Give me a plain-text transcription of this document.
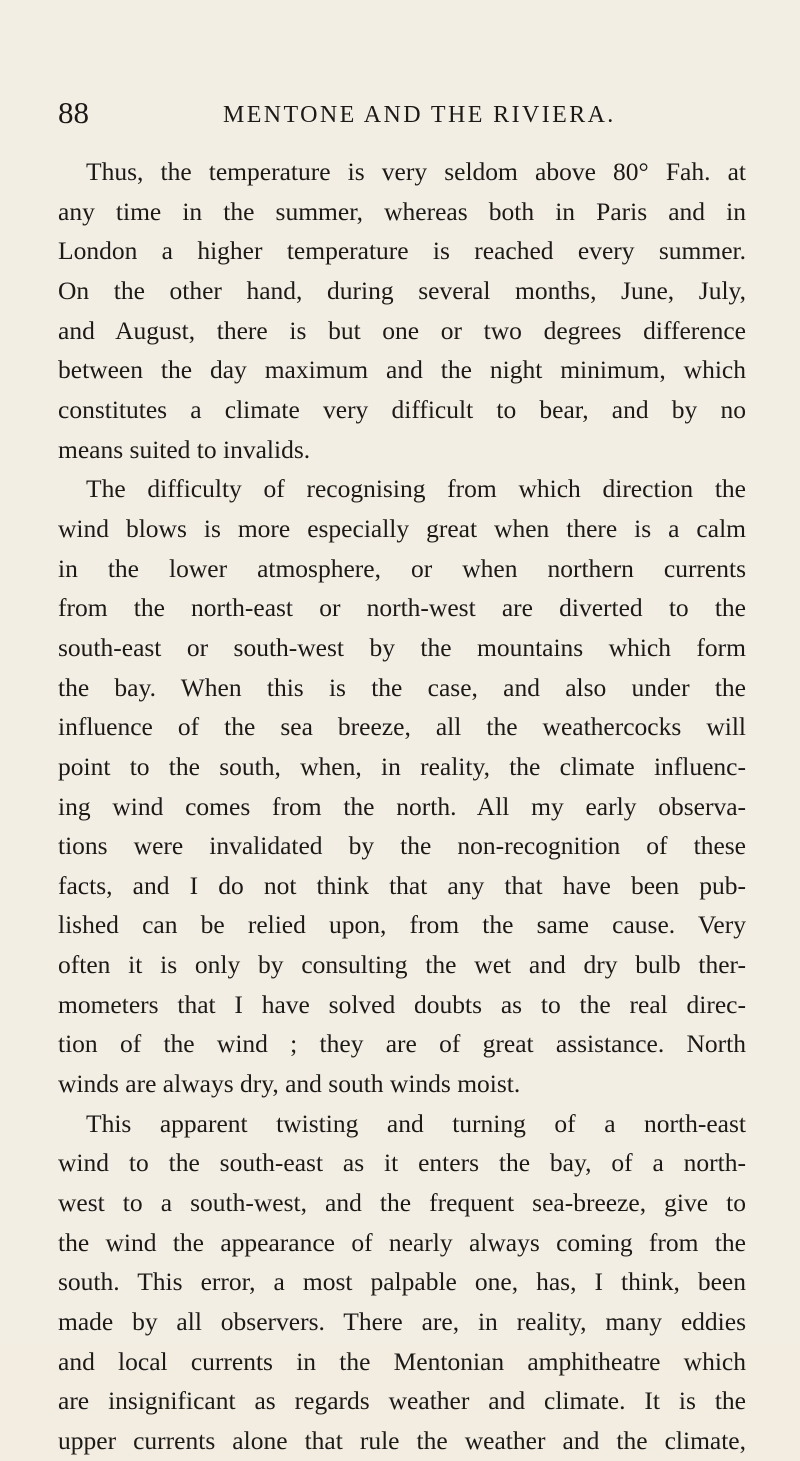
88	MENTONE AND THE RIVIERA.
Thus, the temperature is very seldom above 80° Fah. at
any time in the summer, whereas both in Paris and in
London a higher temperature is reached every summer.
On the other hand, during several months, June, July,
and August, there is but one or two degrees difference
between the day maximum and the night minimum, which
constitutes a climate very difficult to bear, and by no
means suited to invalids.
The difficulty of recognising from which direction the
wind blows is more especially great when there is a calm
in the lower atmosphere, or when northern currents
from the north-east or north-west are diverted to the
south-east or south-west by the mountains which form
the bay. When this is the case, and also under the
influence of the sea breeze, all the weathercocks will
point to the south, when, in reality, the climate influenc-
ing wind comes from the north. All my early observa-
tions were invalidated by the non-recognition of these
facts, and I do not think that any that have been pub-
lished can be relied upon, from the same cause. Very
often it is only by consulting the wet and dry bulb ther-
mometers that I have solved doubts as to the real direc-
tion of the wind ; they are of great assistance. North
winds are always dry, and south winds moist.
This apparent twisting and turning of a north-east
wind to the south-east as it enters the bay, of a north-
west to a south-west, and the frequent sea-breeze, give to
the wind the appearance of nearly always coming from the
south. This error, a most palpable one, has, I think, been
made by all observers. There are, in reality, many eddies
and local currents in the Mentonian amphitheatre which
are insignificant as regards weather and climate. It is the
upper currents alone that rule the weather and the climate,
